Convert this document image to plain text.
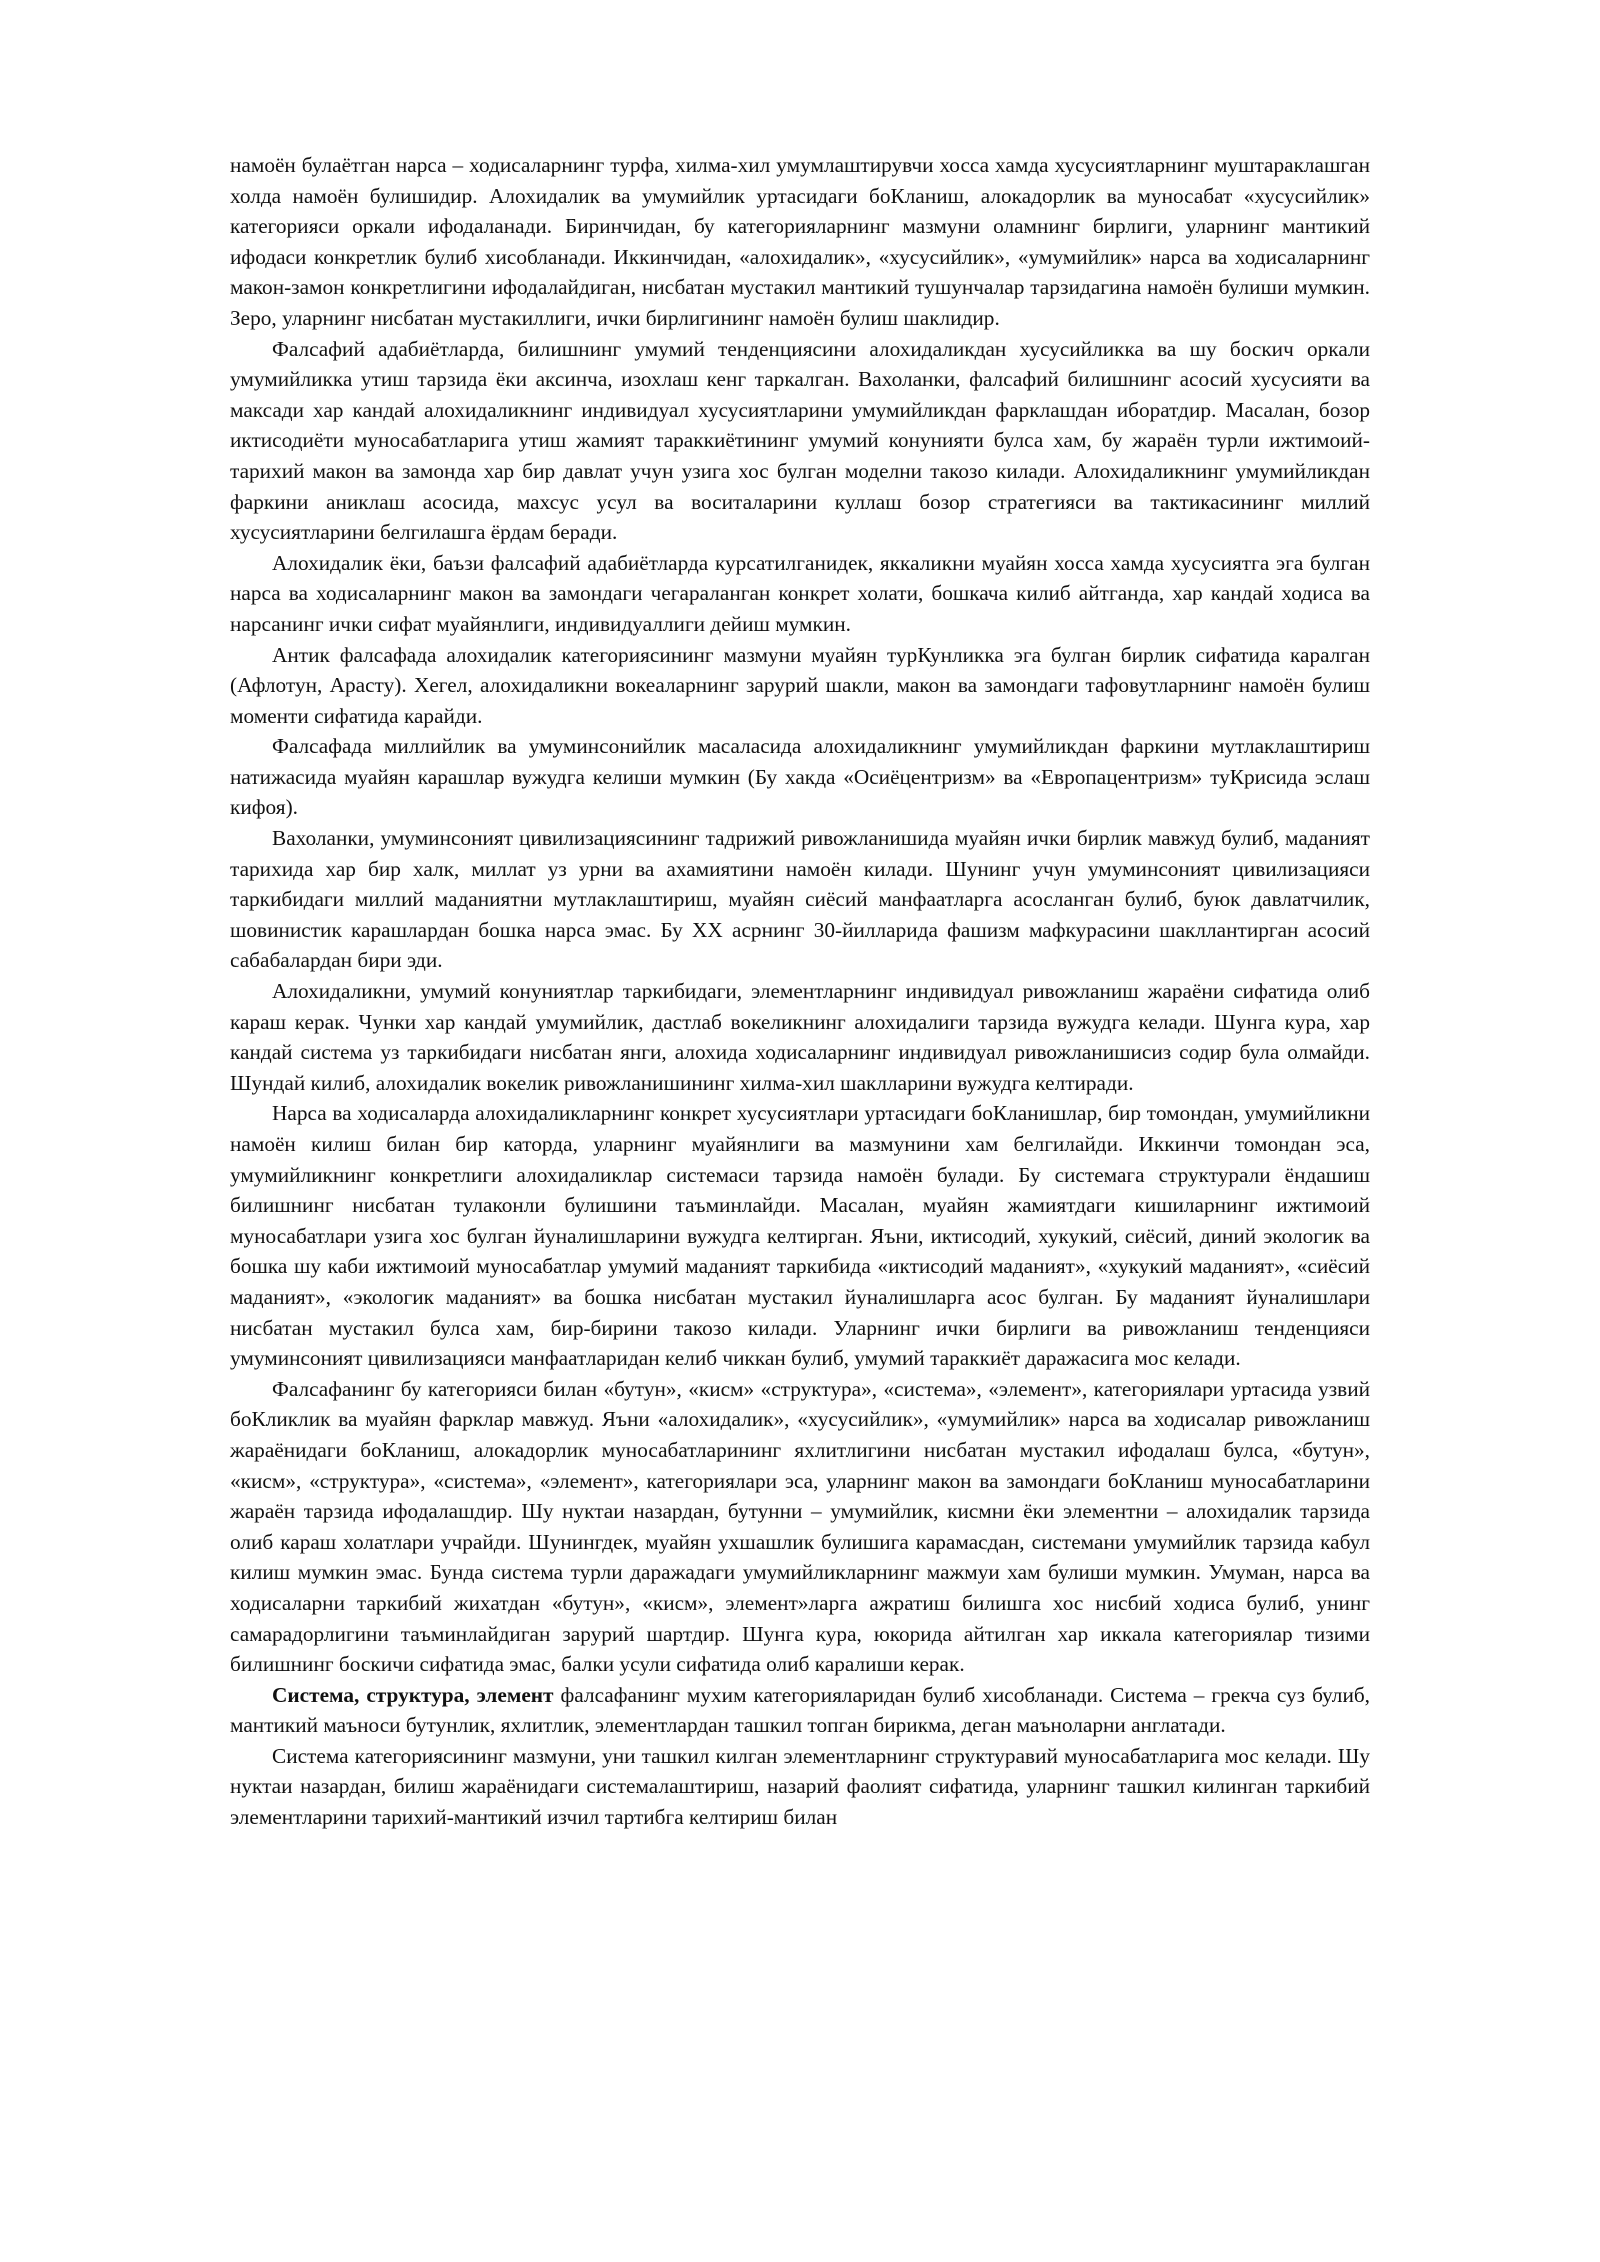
намоён булаётган нарса – ходисаларнинг турфа, хилма-хил умумлаштирувчи хосса хамда хусусиятларнинг муштараклашган холда намоён булишидир. Алохидалик ва умумийлик уртасидаги боКланиш, алокадорлик ва муносабат «хусусийлик» категорияси оркали ифодаланади. Биринчидан, бу категорияларнинг мазмуни оламнинг бирлиги, уларнинг мантикий ифодаси конкретлик булиб хисобланади. Иккинчидан, «алохидалик», «хусусийлик», «умумийлик» нарса ва ходисаларнинг макон-замон конкретлигини ифодалайдиган, нисбатан мустакил мантикий тушунчалар тарзидагина намоён булиши мумкин. Зеро, уларнинг нисбатан мустакиллиги, ички бирлигининг намоён булиш шаклидир.

Фалсафий адабиётларда, билишнинг умумий тенденциясини алохидаликдан хусусийликка ва шу боскич оркали умумийликка утиш тарзида ёки аксинча, изохлаш кенг таркалган. Вахоланки, фалсафий билишнинг асосий хусусияти ва максади хар кандай алохидаликнинг индивидуал хусусиятларини умумийликдан фарклашдан иборатдир. Масалан, бозор иктисодиёти муносабатларига утиш жамият тараккиётининг умумий конунияти булса хам, бу жараён турли ижтимоий-тарихий макон ва замонда хар бир давлат учун узига хос булган моделни такозо килади. Алохидаликнинг умумийликдан фаркини аниклаш асосида, махсус усул ва воситаларини куллаш бозор стратегияси ва тактикасининг миллий хусусиятларини белгилашга ёрдам беради.

Алохидалик ёки, баъзи фалсафий адабиётларда курсатилганидек, яккаликни муайян хосса хамда хусусиятга эга булган нарса ва ходисаларнинг макон ва замондаги чегараланган конкрет холати, бошкача килиб айтганда, хар кандай ходиса ва нарсанинг ички сифат муайянлиги, индивидуаллиги дейиш мумкин.

Антик фалсафада алохидалик категориясининг мазмуни муайян турКунликка эга булган бирлик сифатида каралган (Афлотун, Арасту). Хегел, алохидаликни вокеаларнинг зарурий шакли, макон ва замондаги тафовутларнинг намоён булиш моменти сифатида карайди.

Фалсафада миллийлик ва умуминсонийлик масаласида алохидаликнинг умумийликдан фаркини мутлаклаштириш натижасида муайян карашлар вужудга келиши мумкин (Бу хакда «Осиёцентризм» ва «Европацентризм» туКрисида эслаш кифоя).

Вахоланки, умуминсоният цивилизациясининг тадрижий ривожланишида муайян ички бирлик мавжуд булиб, маданият тарихида хар бир халк, миллат уз урни ва ахамиятини намоён килади. Шунинг учун умуминсоният цивилизацияси таркибидаги миллий маданиятни мутлаклаштириш, муайян сиёсий манфаатларга асосланган булиб, буюк давлатчилик, шовинистик карашлардан бошка нарса эмас. Бу ХХ асрнинг 30-йилларида фашизм мафкурасини шакллантирган асосий сабабалардан бири эди.

Алохидаликни, умумий конуниятлар таркибидаги, элементларнинг индивидуал ривожланиш жараёни сифатида олиб караш керак. Чунки хар кандай умумийлик, дастлаб вокеликнинг алохидалиги тарзида вужудга келади. Шунга кура, хар кандай система уз таркибидаги нисбатан янги, алохида ходисаларнинг индивидуал ривожланишисиз содир була олмайди. Шундай килиб, алохидалик вокелик ривожланишининг хилма-хил шаклларини вужудга келтиради.

Нарса ва ходисаларда алохидаликларнинг конкрет хусусиятлари уртасидаги боКланишлар, бир томондан, умумийликни намоён килиш билан бир каторда, уларнинг муайянлиги ва мазмунини хам белгилайди. Иккинчи томондан эса, умумийликнинг конкретлиги алохидаликлар системаси тарзида намоён булади. Бу системага структурали ёндашиш билишнинг нисбатан тулаконли булишини таъминлайди. Масалан, муайян жамиятдаги кишиларнинг ижтимоий муносабатлари узига хос булган йуналишларини вужудга келтирган. Яъни, иктисодий, хукукий, сиёсий, диний экологик ва бошка шу каби ижтимоий муносабатлар умумий маданият таркибида «иктисодий маданият», «хукукий маданият», «сиёсий маданият», «экологик маданият» ва бошка нисбатан мустакил йуналишларга асос булган. Бу маданият йуналишлари нисбатан мустакил булса хам, бир-бирини такозо килади. Уларнинг ички бирлиги ва ривожланиш тенденцияси умуминсоният цивилизацияси манфаатларидан келиб чиккан булиб, умумий тараккиёт даражасига мос келади.

Фалсафанинг бу категорияси билан «бутун», «кисм» «структура», «система», «элемент», категориялари уртасида узвий боКликлик ва муайян фарклар мавжуд. Яъни «алохидалик», «хусусийлик», «умумийлик» нарса ва ходисалар ривожланиш жараёнидаги боКланиш, алокадорлик муносабатларининг яхлитлигини нисбатан мустакил ифодалаш булса, «бутун», «кисм», «структура», «система», «элемент», категориялари эса, уларнинг макон ва замондаги боКланиш муносабатларини жараён тарзида ифодалашдир. Шу нуктаи назардан, бутунни – умумийлик, кисмни ёки элементни – алохидалик тарзида олиб караш холатлари учрайди. Шунингдек, муайян ухшашлик булишига карамасдан, системани умумийлик тарзида кабул килиш мумкин эмас. Бунда система турли даражадаги умумийликларнинг мажмуи хам булиши мумкин. Умуман, нарса ва ходисаларни таркибий жихатдан «бутун», «кисм», элемент»ларга ажратиш билишга хос нисбий ходиса булиб, унинг самарадорлигини таъминлайдиган зарурий шартдир. Шунга кура, юкорида айтилган хар иккала категориялар тизими билишнинг боскичи сифатида эмас, балки усули сифатида олиб каралиши керак.

Система, структура, элемент фалсафанинг мухим категорияларидан булиб хисобланади. Система – грекча суз булиб, мантикий маъноси бутунлик, яхлитлик, элементлардан ташкил топган бирикма, деган маъноларни англатади.

Система категориясининг мазмуни, уни ташкил килган элементларнинг структуравий муносабатларига мос келади. Шу нуктаи назардан, билиш жараёнидаги системалаштириш, назарий фаолият сифатида, уларнинг ташкил килинган таркибий элементларини тарихий-мантикий изчил тартибга келтириш билан
